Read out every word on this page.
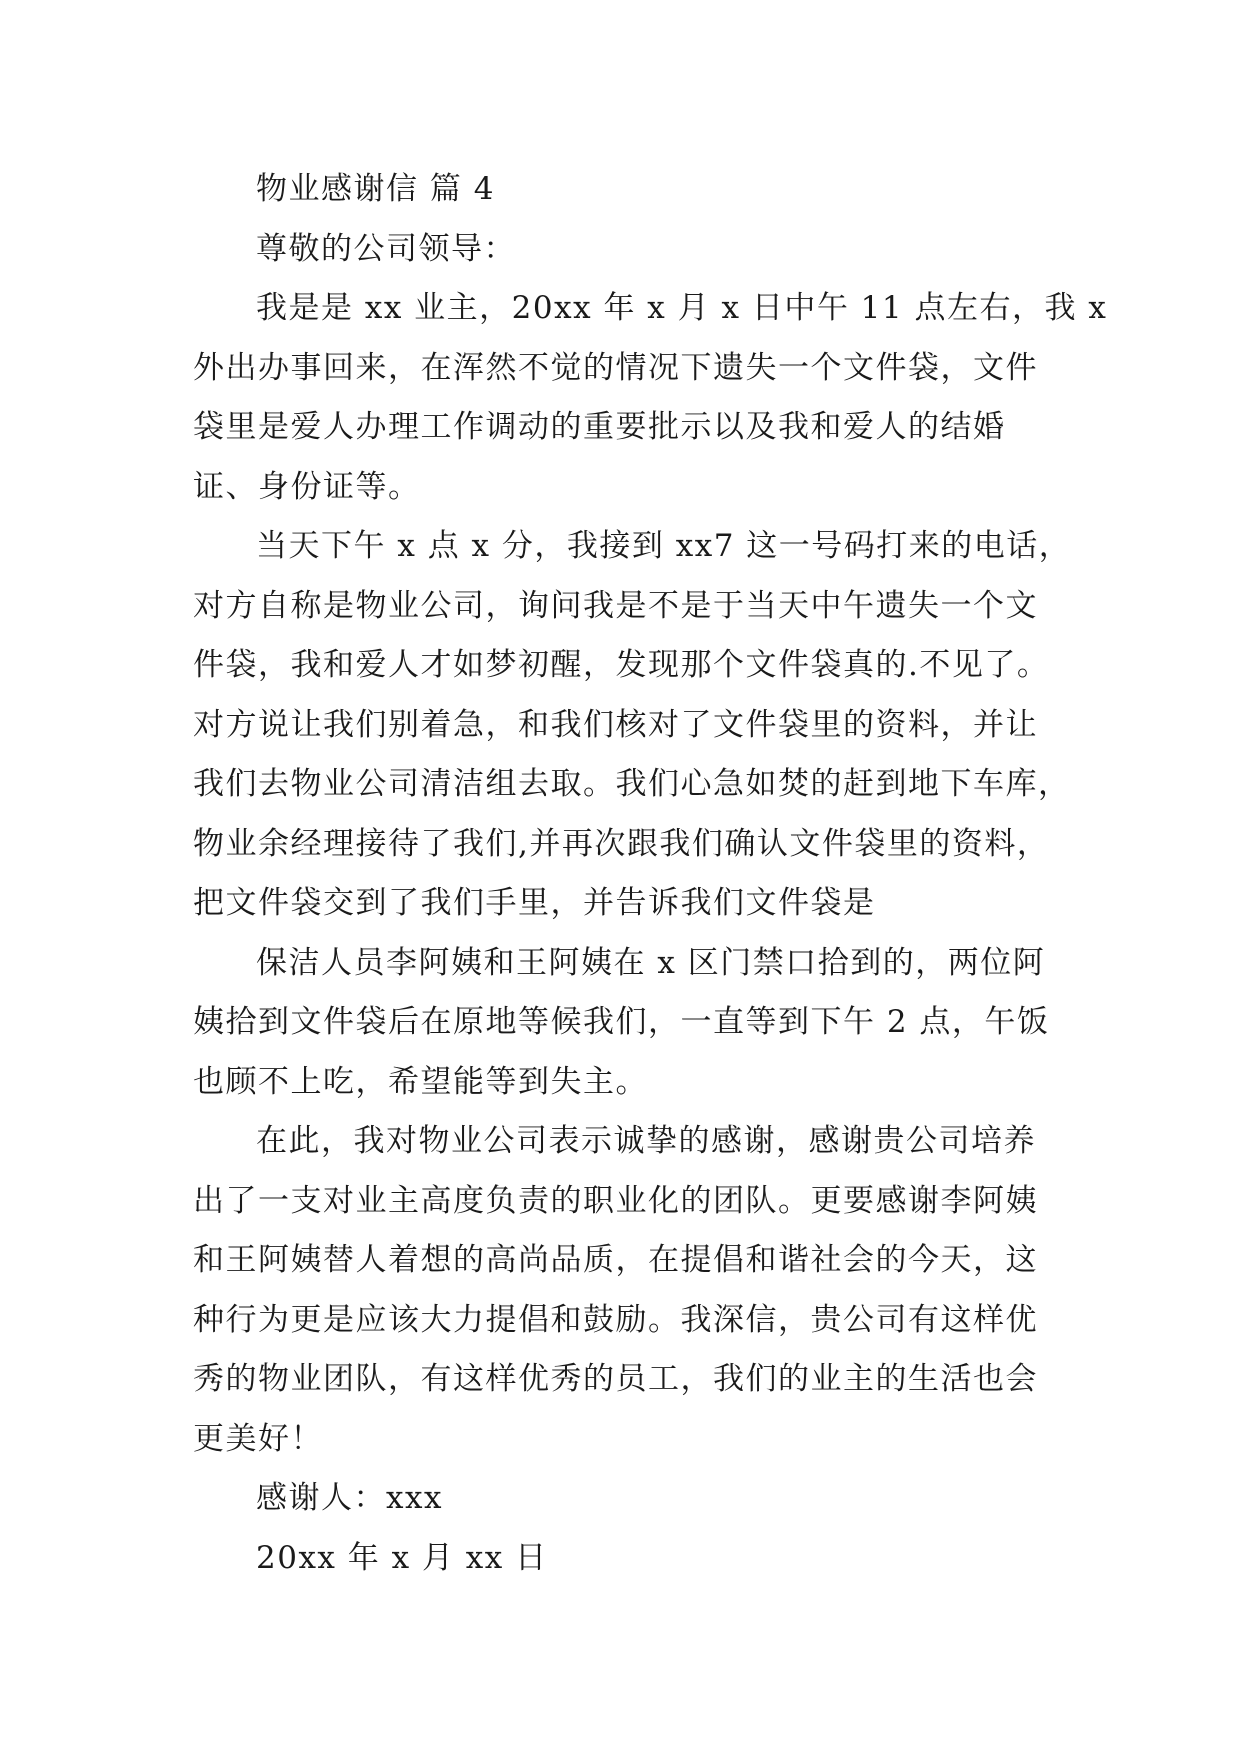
物业感谢信 篇 4
尊敬的公司领导：
我是是 xx 业主，20xx 年 x 月 x 日中午 11 点左右，我 x
外出办事回来，在浑然不觉的情况下遗失一个文件袋，文件
袋里是爱人办理工作调动的重要批示以及我和爱人的结婚
证、身份证等。
当天下午 x 点 x 分，我接到 xx7 这一号码打来的电话，
对方自称是物业公司，询问我是不是于当天中午遗失一个文
件袋，我和爱人才如梦初醒，发现那个文件袋真的.不见了。
对方说让我们别着急，和我们核对了文件袋里的资料，并让
我们去物业公司清洁组去取。我们心急如焚的赶到地下车库，
物业余经理接待了我们,并再次跟我们确认文件袋里的资料，
把文件袋交到了我们手里，并告诉我们文件袋是
保洁人员李阿姨和王阿姨在 x 区门禁口拾到的，两位阿
姨拾到文件袋后在原地等候我们，一直等到下午 2 点，午饭
也顾不上吃，希望能等到失主。
在此，我对物业公司表示诚挚的感谢，感谢贵公司培养
出了一支对业主高度负责的职业化的团队。更要感谢李阿姨
和王阿姨替人着想的高尚品质，在提倡和谐社会的今天，这
种行为更是应该大力提倡和鼓励。我深信，贵公司有这样优
秀的物业团队，有这样优秀的员工，我们的业主的生活也会
更美好！
感谢人：xxx
20xx 年 x 月 xx 日
